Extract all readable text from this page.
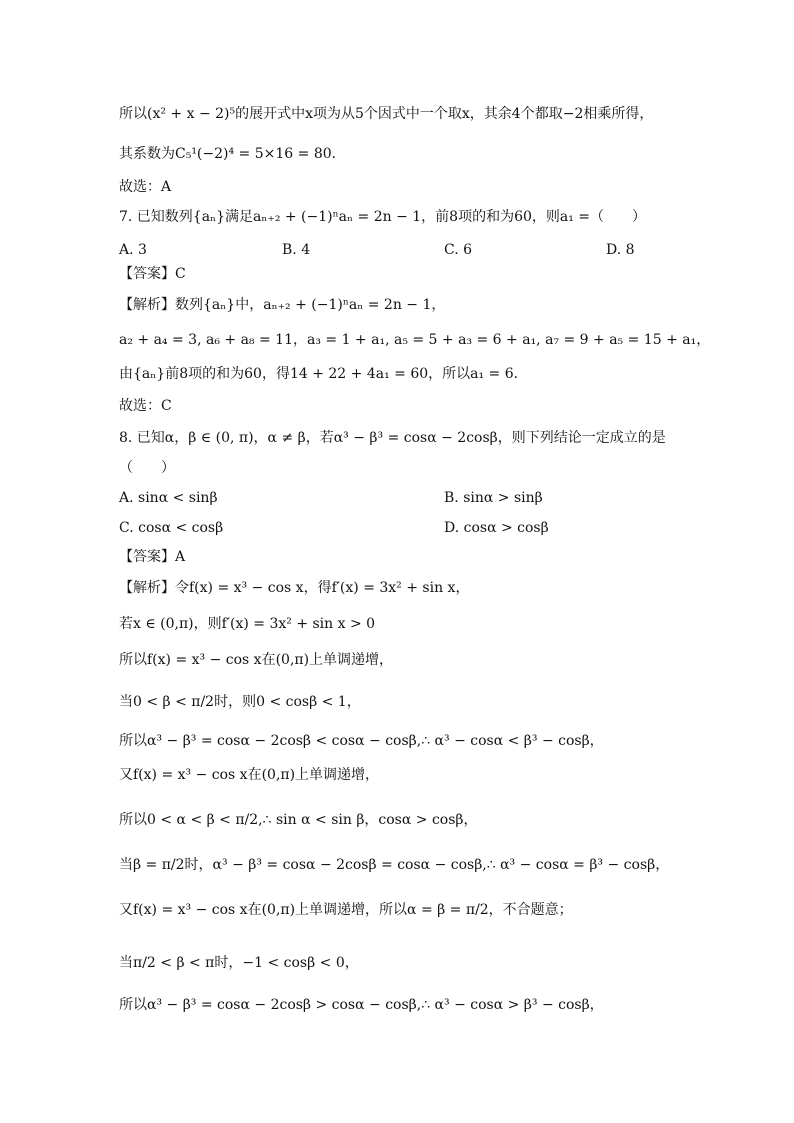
所以(x² + x − 2)⁵的展开式中x项为从5个因式中一个取x，其余4个都取−2相乘所得，
其系数为C₅¹(−2)⁴ = 5×16 = 80．
故选：A
7. 已知数列{aₙ}满足aₙ₊₂ + (−1)ⁿaₙ = 2n − 1，前8项的和为60，则a₁ =（　　）
A. 3	B. 4	C. 6	D. 8
【答案】C
【解析】数列{aₙ}中，aₙ₊₂ + (−1)ⁿaₙ = 2n − 1，
a₂ + a₄ = 3, a₆ + a₈ = 11，a₃ = 1 + a₁, a₅ = 5 + a₃ = 6 + a₁, a₇ = 9 + a₅ = 15 + a₁，
由{aₙ}前8项的和为60，得14 + 22 + 4a₁ = 60，所以a₁ = 6．
故选：C
8. 已知α，β ∈ (0, π)，α ≠ β，若α³ − β³ = cosα − 2cosβ，则下列结论一定成立的是
（　　）
A. sinα < sinβ	B. sinα > sinβ
C. cosα < cosβ	D. cosα > cosβ
【答案】A
【解析】令f(x) = x³ − cos x，得f′(x) = 3x² + sin x，
若x ∈ (0,π)，则f′(x) = 3x² + sin x > 0
所以f(x) = x³ − cos x在(0,π)上单调递增，
当0 < β < π/2时，则0 < cosβ < 1，
所以α³ − β³ = cosα − 2cosβ < cosα − cosβ,∴ α³ − cosα < β³ − cosβ，
又f(x) = x³ − cos x在(0,π)上单调递增，
所以0 < α < β < π/2,∴ sin α < sin β，cosα > cosβ，
当β = π/2时，α³ − β³ = cosα − 2cosβ = cosα − cosβ,∴ α³ − cosα = β³ − cosβ，
又f(x) = x³ − cos x在(0,π)上单调递增，所以α = β = π/2，不合题意；
当π/2 < β < π时，−1 < cosβ < 0，
所以α³ − β³ = cosα − 2cosβ > cosα − cosβ,∴ α³ − cosα > β³ − cosβ，
